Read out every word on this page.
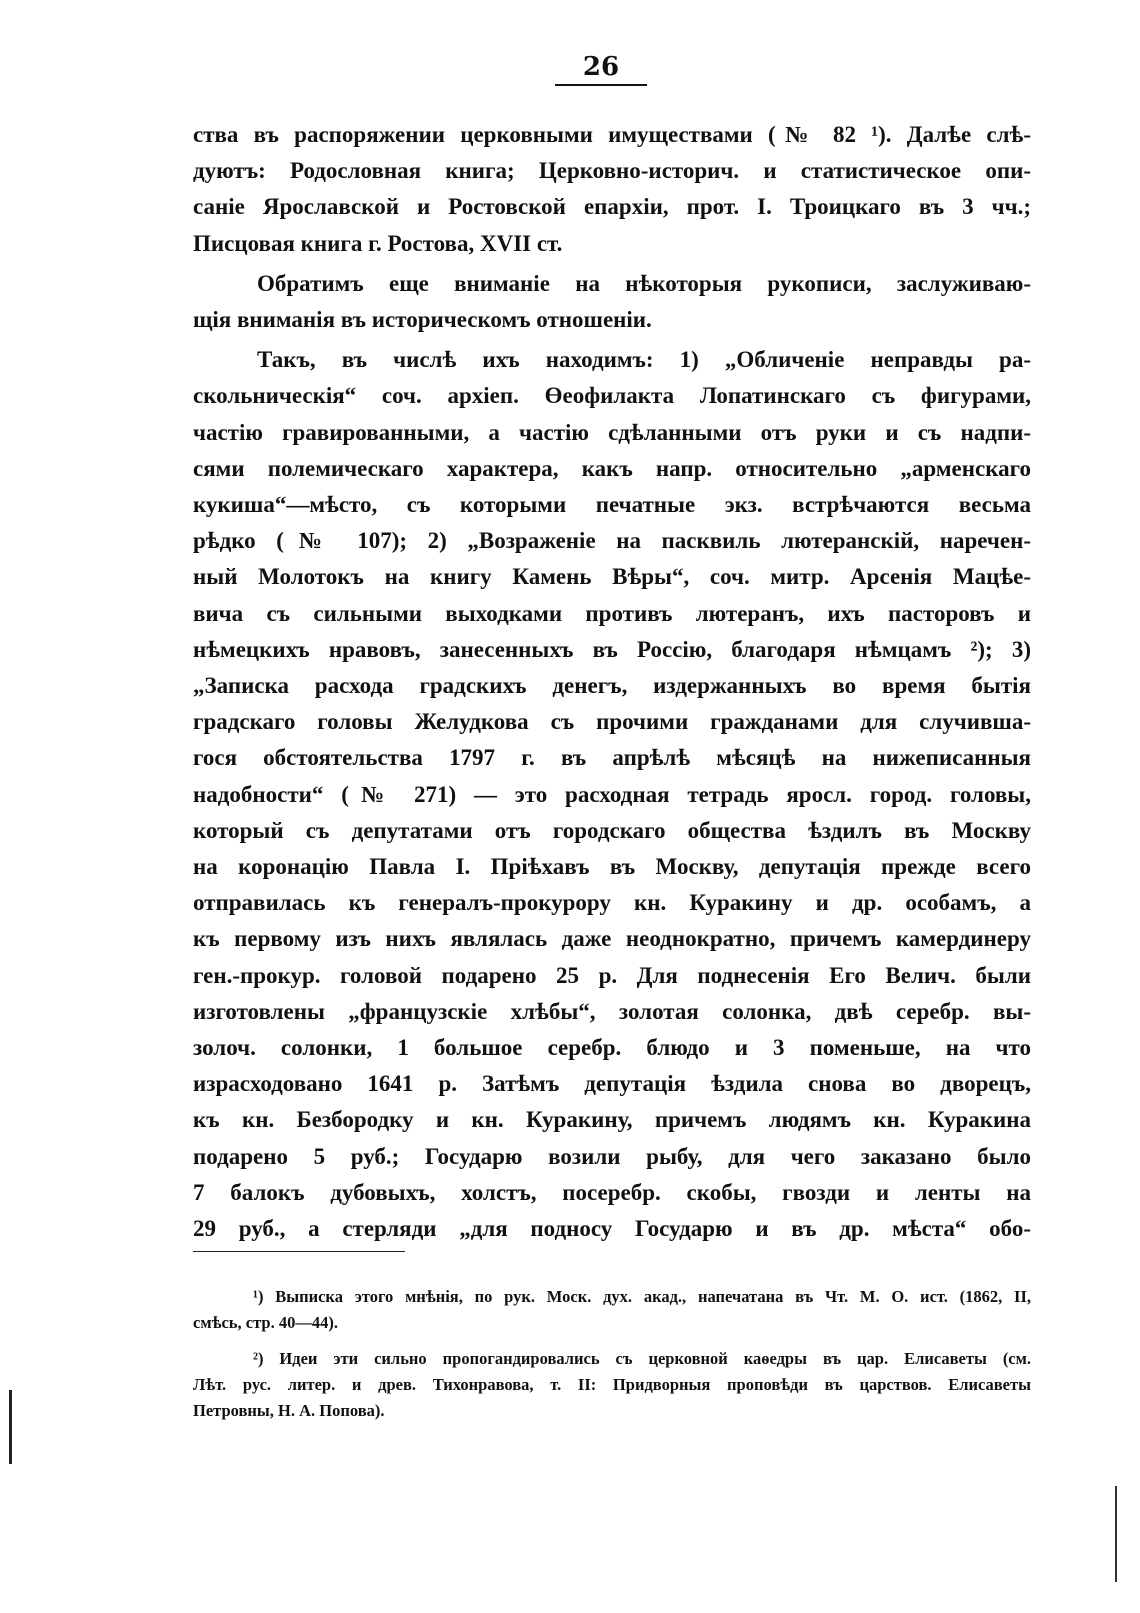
26
ства въ распоряжении церковными имуществами (№ 82 ¹). Далѣе слѣ-
дуютъ: Родословная книга; Церковно-историч. и статистическое опи-
саніе Ярославской и Ростовской епархіи, прот. І. Троицкаго въ 3 чч.;
Писцовая книга г. Ростова, XVII ст.
Обратимъ еще вниманіе на нѣкоторыя рукописи, заслуживаю-
щія вниманія въ историческомъ отношеніи.
Такъ, въ числѣ ихъ находимъ: 1) „Обличеніе неправды ра-
скольническія“ соч. архіеп. Өеофилакта Лопатинскаго съ фигурами,
частію гравированными, а частію сдѣланными отъ руки и съ надпи-
сями полемическаго характера, какъ напр. относительно „арменскаго
кукиша“—мѣсто, съ которыми печатные экз. встрѣчаются весьма
рѣдко (№ 107); 2) „Возраженіе на пасквиль лютеранскій, наречен-
ный Молотокъ на книгу Камень Вѣры“, соч. митр. Арсенія Мацѣе-
вича съ сильными выходками противъ лютеранъ, ихъ пасторовъ и
нѣмецкихъ нравовъ, занесенныхъ въ Россію, благодаря нѣмцамъ ²); 3)
„Записка расхода градскихъ денегъ, издержанныхъ во время бытія
градскаго головы Желудкова съ прочими гражданами для случивша-
гося обстоятельства 1797 г. въ апрѣлѣ мѣсяцѣ на нижеписанныя
надобности“ (№ 271) — это расходная тетрадь яросл. город. головы,
который съ депутатами отъ городскаго общества ѣздилъ въ Москву
на коронацію Павла І. Пріѣхавъ въ Москву, депутація прежде всего
отправилась къ генералъ-прокурору кн. Куракину и др. особамъ, а
къ первому изъ нихъ являлась даже неоднократно, причемъ камердинеру
ген.-прокур. головой подарено 25 р. Для поднесенія Его Велич. были
изготовлены „французскіе хлѣбы“, золотая солонка, двѣ серебр. вы-
золоч. солонки, 1 большое серебр. блюдо и 3 поменьше, на что
израсходовано 1641 р. Затѣмъ депутація ѣздила снова во дворецъ,
къ кн. Безбородку и кн. Куракину, причемъ людямъ кн. Куракина
подарено 5 руб.; Государю возили рыбу, для чего заказано было
7 балокъ дубовыхъ, холстъ, посеребр. скобы, гвозди и ленты на
29 руб., а стерляди „для подносу Государю и въ др. мѣста“ обо-
¹) Выписка этого мнѣнія, по рук. Моск. дух. акад., напечатана въ Чт. М. О. ист. (1862, II,
смѣсь, стр. 40—44).
²) Идеи эти сильно пропогандировались съ церковной каѳедры въ цар. Елисаветы (см.
Лѣт. рус. литер. и древ. Тихонравова, т. II: Придворныя проповѣди въ царствов. Елисаветы
Петровны, Н. А. Попова).
